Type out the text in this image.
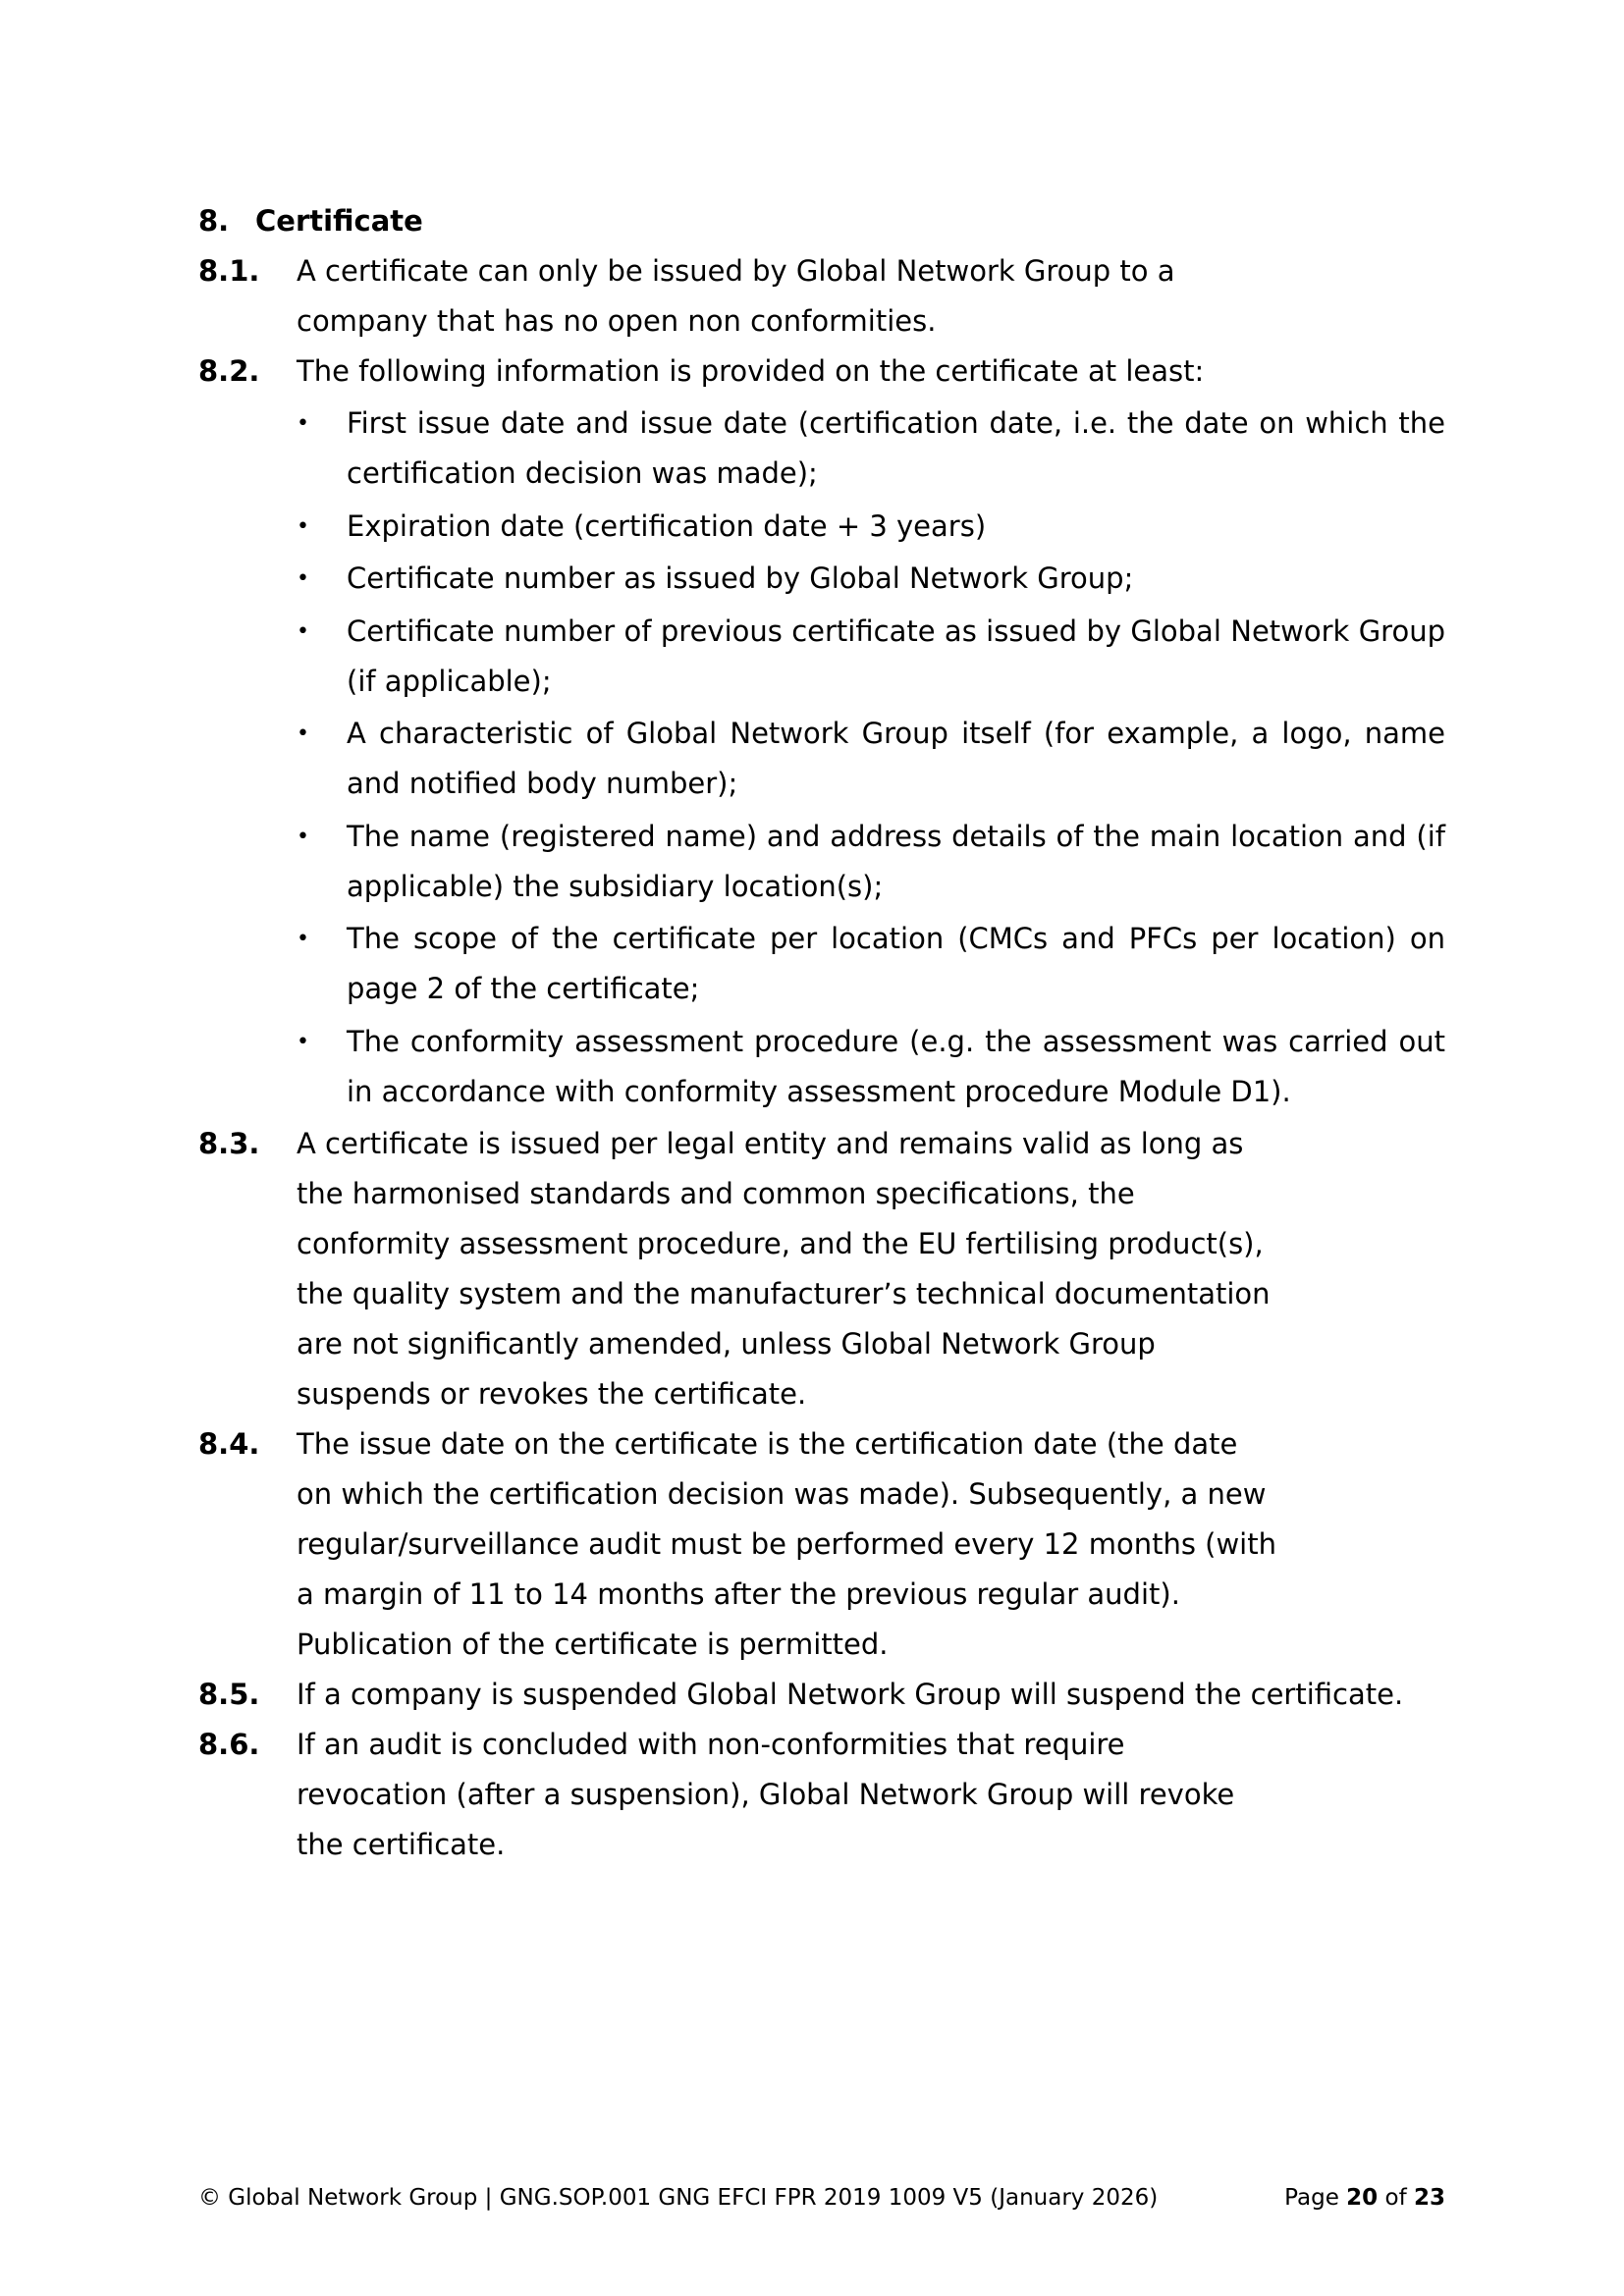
8. Certificate
8.1.	A certificate can only be issued by Global Network Group to a company that has no open non conformities.
8.2.	The following information is provided on the certificate at least:
•	First issue date and issue date (certification date, i.e. the date on which the certification decision was made);
•	Expiration date (certification date + 3 years)
•	Certificate number as issued by Global Network Group;
•	Certificate number of previous certificate as issued by Global Network Group (if applicable);
•	A characteristic of Global Network Group itself (for example, a logo, name and notified body number);
•	The name (registered name) and address details of the main location and (if applicable) the subsidiary location(s);
•	The scope of the certificate per location (CMCs and PFCs per location) on page 2 of the certificate;
•	The conformity assessment procedure (e.g. the assessment was carried out in accordance with conformity assessment procedure Module D1).
8.3.	A certificate is issued per legal entity and remains valid as long as the harmonised standards and common specifications, the conformity assessment procedure, and the EU fertilising product(s), the quality system and the manufacturer’s technical documentation are not significantly amended, unless Global Network Group suspends or revokes the certificate.
8.4.	The issue date on the certificate is the certification date (the date on which the certification decision was made). Subsequently, a new regular/surveillance audit must be performed every 12 months (with a margin of 11 to 14 months after the previous regular audit). Publication of the certificate is permitted.
8.5.	If a company is suspended Global Network Group will suspend the certificate.
8.6.	If an audit is concluded with non-conformities that require revocation (after a suspension), Global Network Group will revoke the certificate.
© Global Network Group | GNG.SOP.001 GNG EFCI FPR 2019 1009 V5 (January 2026)	Page 20 of 23
